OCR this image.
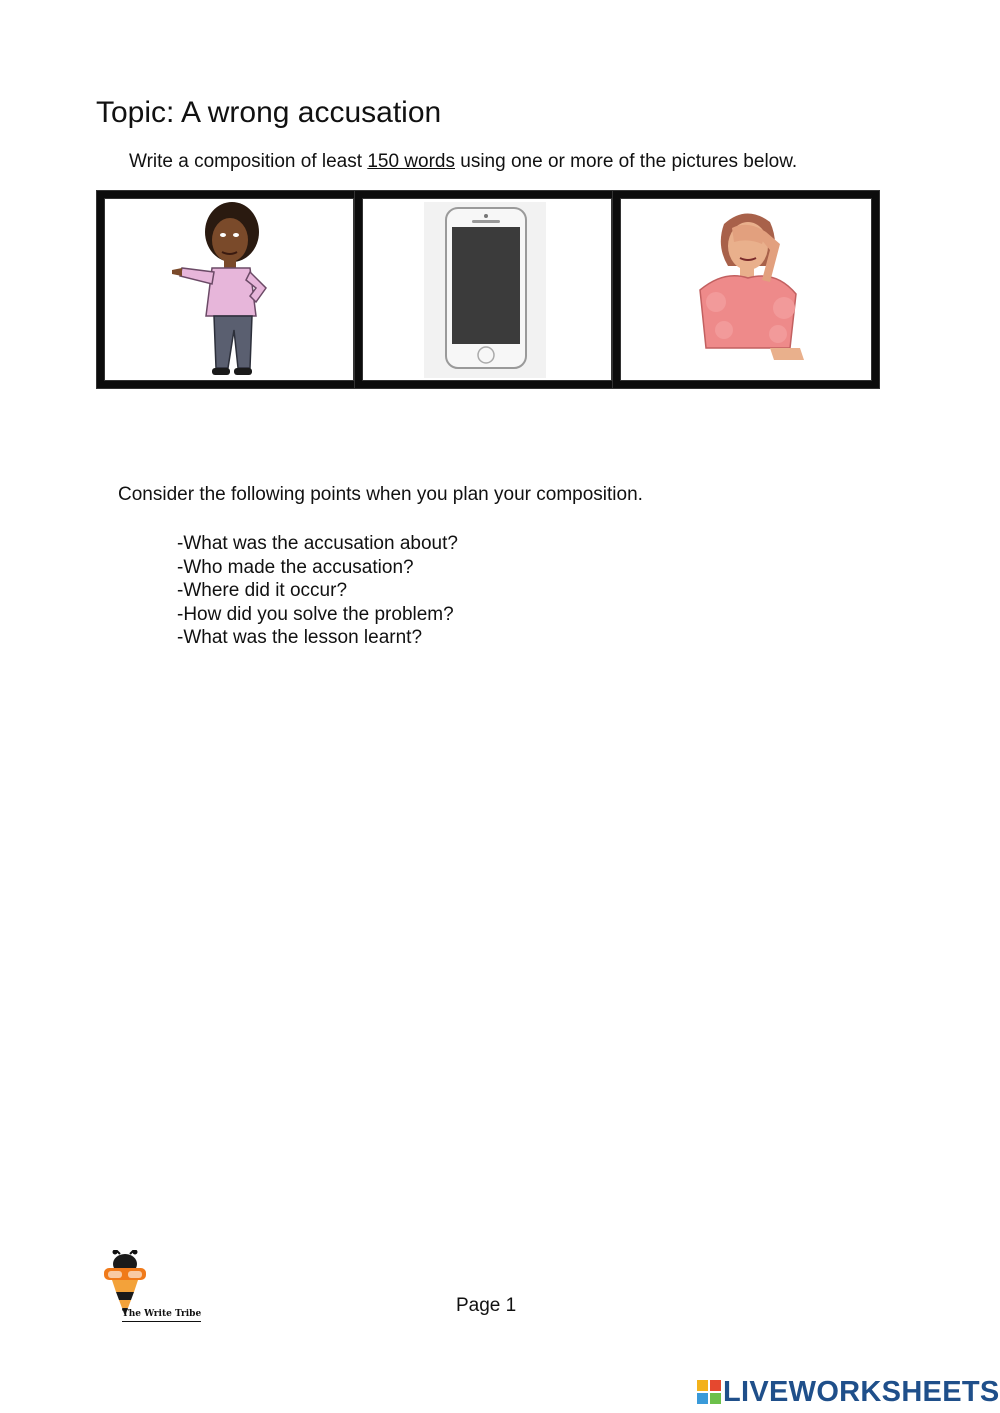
Topic: A wrong accusation
Write a composition of least 150 words using one or more of the pictures below.
Consider the following points when you plan your composition.
-What was the accusation about?
-Who made the accusation?
-Where did it occur?
-How did you solve the problem?
-What was the lesson learnt?
The Write Tribe	Page 1
LIVEWORKSHEETS
